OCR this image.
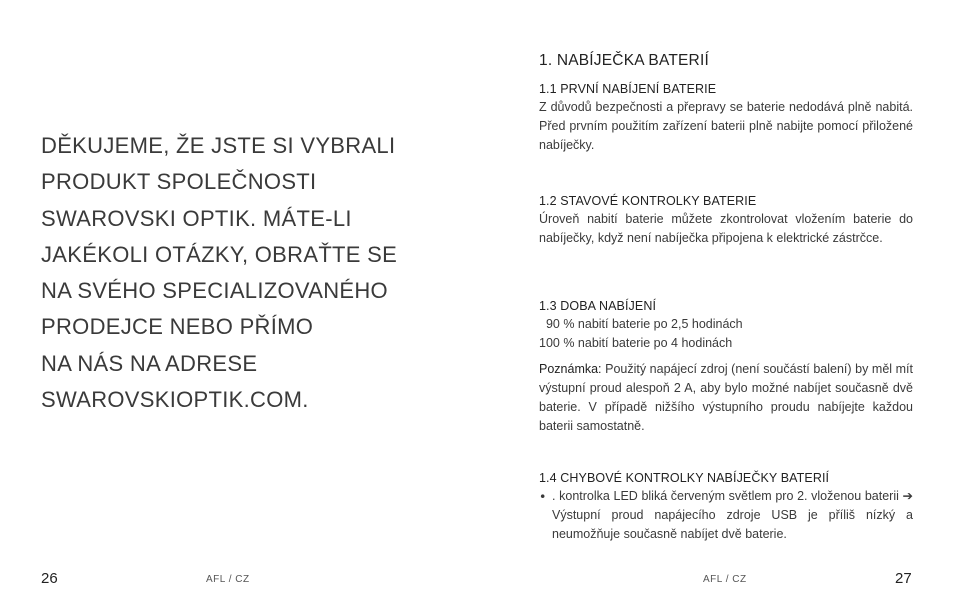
DĚKUJEME, ŽE JSTE SI VYBRALI
PRODUKT SPOLEČNOSTI
SWAROVSKI OPTIK. MÁTE-LI
JAKÉKOLI OTÁZKY, OBRAŤTE SE
NA SVÉHO SPECIALIZOVANÉHO
PRODEJCE NEBO PŘÍMO
NA NÁS NA ADRESE
SWAROVSKIOPTIK.COM.
26	AFL / CZ
1. NABÍJEČKA BATERIÍ
1.1 PRVNÍ NABÍJENÍ BATERIE

Z důvodů bezpečnosti a přepravy se baterie nedodává plně nabitá. Před prvním použitím zařízení baterii plně nabijte pomocí přiložené nabíječky.

1.2 STAVOVÉ KONTROLKY BATERIE

Úroveň nabití baterie můžete zkontrolovat vložením baterie do nabíječky, když není nabíječka připojena k elektrické zástrčce.

1.3 DOBA NABÍJENÍ
90 % nabití baterie po 2,5 hodinách
100 % nabití baterie po 4 hodinách

Poznámka: Použitý napájecí zdroj (není součástí balení) by měl mít výstupní proud alespoň 2 A, aby bylo možné nabíjet současně dvě baterie. V případě nižšího výstupního proudu nabíjejte každou baterii samostatně.

1.4 CHYBOVÉ KONTROLKY NABÍJEČKY BATERIÍ
• . kontrolka LED bliká červeným světlem pro 2. vloženou baterii ➔ Výstupní proud napájecího zdroje USB je příliš nízký a neumožňuje současně nabíjet dvě baterie.

AFL / CZ	27
